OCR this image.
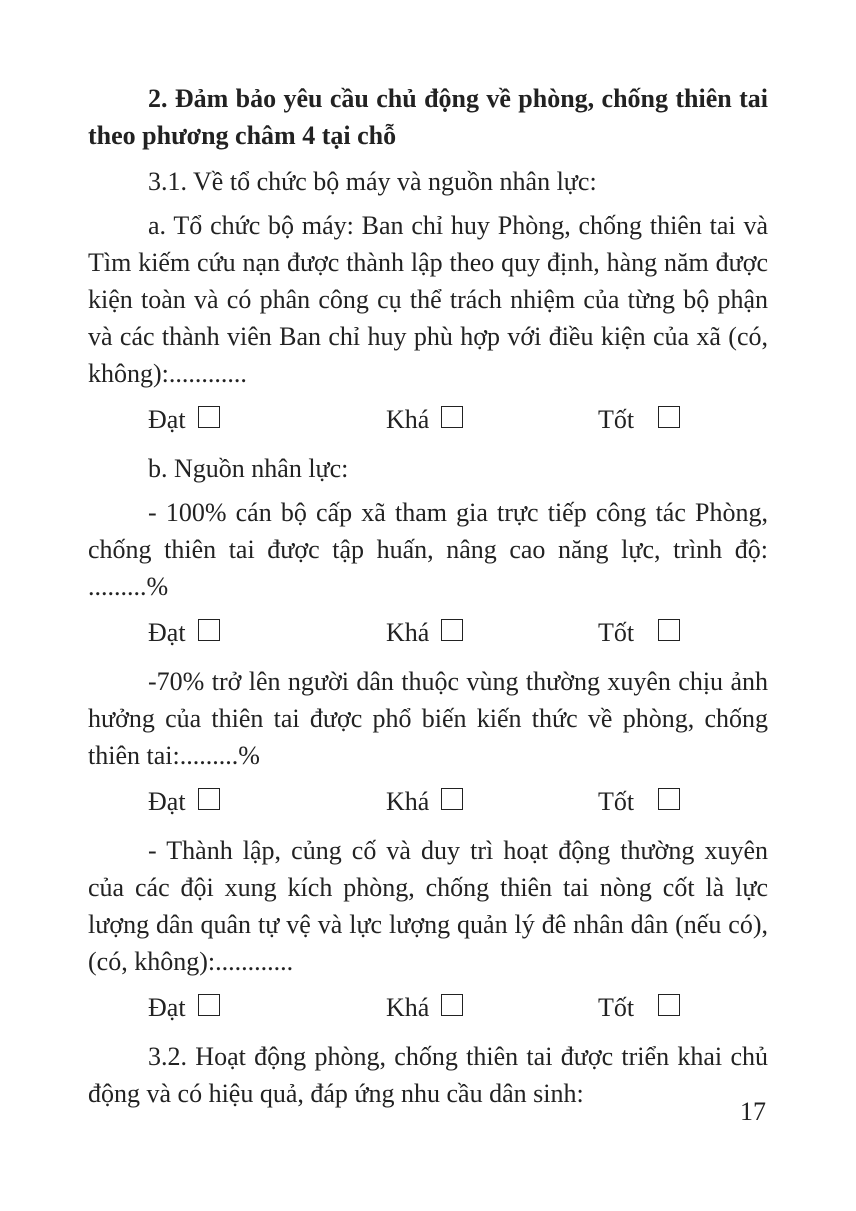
2. Đảm bảo yêu cầu chủ động về phòng, chống thiên tai theo phương châm 4 tại chỗ

3.1. Về tổ chức bộ máy và nguồn nhân lực:

a. Tổ chức bộ máy: Ban chỉ huy Phòng, chống thiên tai và Tìm kiếm cứu nạn được thành lập theo quy định, hàng năm được kiện toàn và có phân công cụ thể trách nhiệm của từng bộ phận và các thành viên Ban chỉ huy phù hợp với điều kiện của xã (có, không):............

Đạt	Khá	Tốt

b. Nguồn nhân lực:

- 100% cán bộ cấp xã tham gia trực tiếp công tác Phòng, chống thiên tai được tập huấn, nâng cao năng lực, trình độ: .........%

Đạt	Khá	Tốt

-70% trở lên người dân thuộc vùng thường xuyên chịu ảnh hưởng của thiên tai được phổ biến kiến thức về phòng, chống thiên tai:.........%

Đạt	Khá	Tốt

- Thành lập, củng cố và duy trì hoạt động thường xuyên của các đội xung kích phòng, chống thiên tai nòng cốt là lực lượng dân quân tự vệ và lực lượng quản lý đê nhân dân (nếu có), (có, không):............

Đạt	Khá	Tốt

3.2. Hoạt động phòng, chống thiên tai được triển khai chủ động và có hiệu quả, đáp ứng nhu cầu dân sinh:

17
